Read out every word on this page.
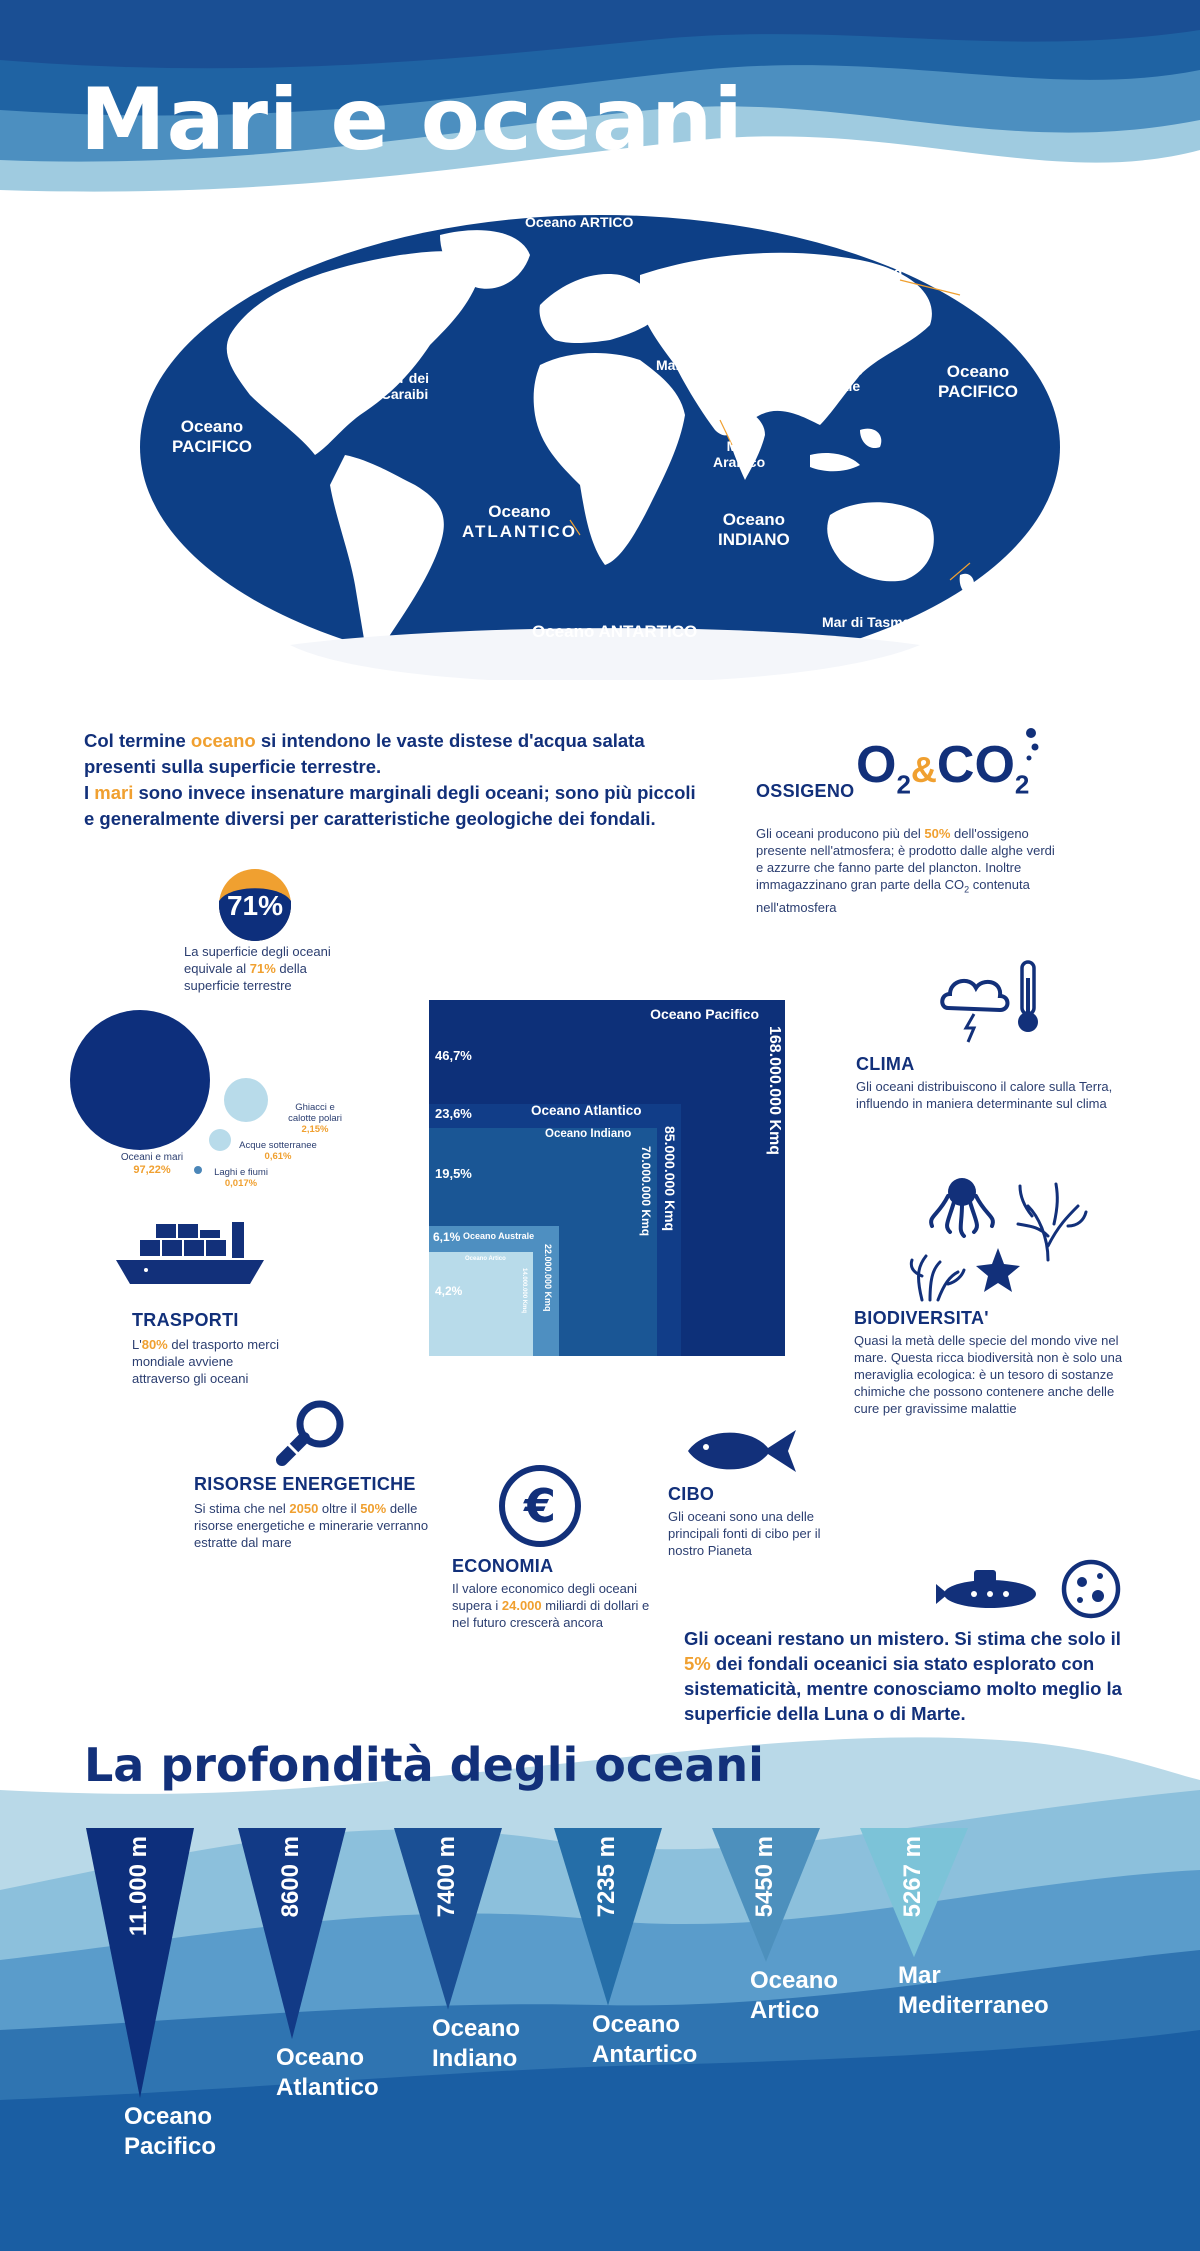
Mari e oceani
Oceano ARTICO
Mar Baltico
Mare di Bering
Mar Mediterraneo
Mar Nero
Mar dei
Caraibi
Mare Cinese
Meridionale
Oceano
PACIFICO
Oceano
PACIFICO
Mar Rosso
Mar
Arabico
Oceano
ATLANTICO
Oceano
INDIANO
Mar di Tasmania
Oceano ANTARTICO
Col termine oceano si intendono le vaste distese d'acqua salata presenti sulla superficie terrestre.
I mari sono invece insenature marginali degli oceani; sono più piccoli e generalmente diversi per caratteristiche geologiche dei fondali.
OSSIGENO $O_2\&CO_2$
Gli oceani producono più del 50% dell'ossigeno presente nell'atmosfera; è prodotto dalle alghe verdi e azzurre che fanno parte del plancton. Inoltre immagazzinano gran parte della $CO_2$ contenuta nell'atmosfera
71%
La superficie degli oceani equivale al 71% della superficie terrestre
Oceani e mari
97,22%
Ghiacci e
calotte polari
2,15%
Acque sotterranee
0,61%
Laghi e fiumi
0,017%
Oceano Pacifico
168.000.000 Kmq
46,7%
Oceano Atlantico
85.000.000 Kmq
23,6%
Oceano Indiano
70.000.000 Kmq
19,5%
Oceano Australe
22.000.000 Kmq
6,1%
Oceano Artico
14.000.000 Kmq
4,2%
CLIMA
Gli oceani distribuiscono il calore sulla Terra, influendo in maniera determinante sul clima
TRASPORTI
L'80% del trasporto merci mondiale avviene attraverso gli oceani
BIODIVERSITA'
Quasi la metà delle specie del mondo vive nel mare. Questa ricca biodiversità non è solo una meraviglia ecologica: è un tesoro di sostanze chimiche che possono contenere anche delle cure per gravissime malattie
RISORSE ENERGETICHE
Si stima che nel 2050 oltre il 50% delle risorse energetiche e minerarie verranno estratte dal mare
€
ECONOMIA
Il valore economico degli oceani supera i 24.000 miliardi di dollari e nel futuro crescerà ancora
CIBO
Gli oceani sono una delle principali fonti di cibo per il nostro Pianeta
Gli oceani restano un mistero. Si stima che solo il 5% dei fondali oceanici sia stato esplorato con sistematicità, mentre conosciamo molto meglio la superficie della Luna o di Marte.
La profondità degli oceani
11.000 m
Oceano
Pacifico
8600 m
Oceano
Atlantico
7400 m
Oceano
Indiano
7235 m
Oceano
Antartico
5450 m
Oceano
Artico
5267 m
Mar
Mediterraneo
